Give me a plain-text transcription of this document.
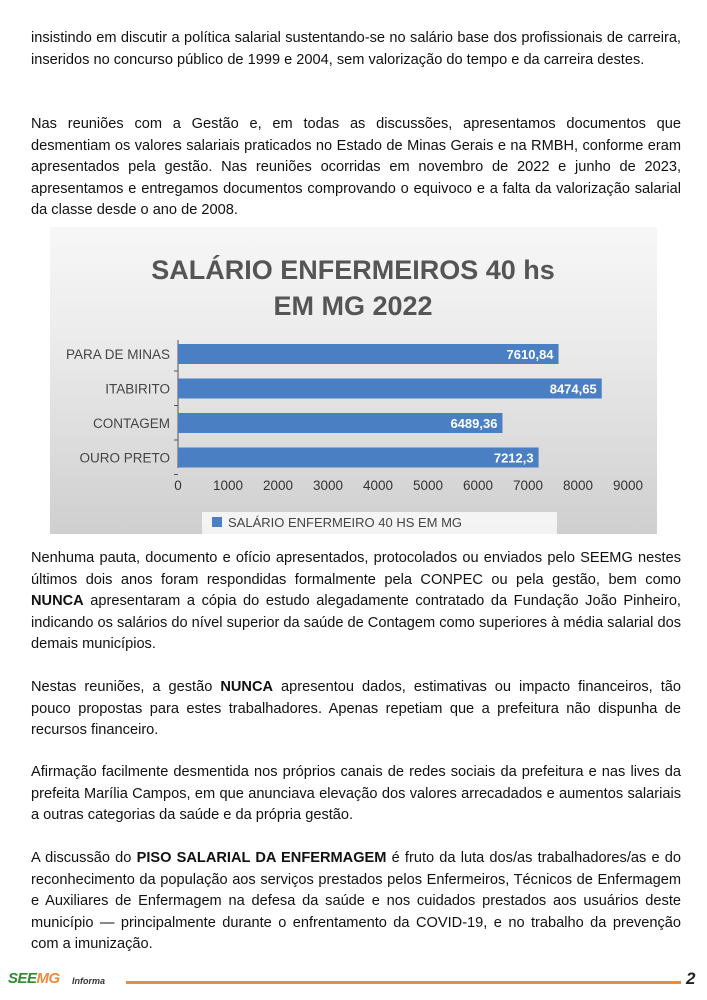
insistindo em discutir a política salarial sustentando-se no salário base dos profissionais de carreira, inseridos no concurso público de 1999 e 2004, sem valorização do tempo e da carreira destes.

Nas reuniões com a Gestão e, em todas as discussões, apresentamos documentos que desmentiam os valores salariais praticados no Estado de Minas Gerais e na RMBH, conforme eram apresentados pela gestão. Nas reuniões ocorridas em novembro de 2022 e junho de 2023, apresentamos e entregamos documentos comprovando o equivoco e a falta da valorização salarial da classe desde o ano de 2008.

SALÁRIO ENFERMEIROS 40 hs
EM MG 2022
7610,84
PARA DE MINAS
8474,65
ITABIRITO
6489,36
CONTAGEM
7212,3
OURO PRETO
0 1000 2000 3000 4000 5000 6000 7000 8000 9000
SALÁRIO ENFERMEIRO 40 HS EM MG

Nenhuma pauta, documento e ofício apresentados, protocolados ou enviados pelo SEEMG nestes últimos dois anos foram respondidas formalmente pela CONPEC ou pela gestão, bem como NUNCA apresentaram a cópia do estudo alegadamente contratado da Fundação João Pinheiro, indicando os salários do nível superior da saúde de Contagem como superiores à média salarial dos demais municípios.

Nestas reuniões, a gestão NUNCA apresentou dados, estimativas ou impacto financeiros, tão pouco propostas para estes trabalhadores. Apenas repetiam que a prefeitura não dispunha de recursos financeiro.

Afirmação facilmente desmentida nos próprios canais de redes sociais da prefeitura e nas lives da prefeita Marília Campos, em que anunciava elevação dos valores arrecadados e aumentos salariais a outras categorias da saúde e da própria gestão.

A discussão do PISO SALARIAL DA ENFERMAGEM é fruto da luta dos/as trabalhadores/as e do reconhecimento da população aos serviços prestados pelos Enfermeiros, Técnicos de Enfermagem e Auxiliares de Enfermagem na defesa da saúde e nos cuidados prestados aos usuários deste município — principalmente durante o enfrentamento da COVID-19, e no trabalho da prevenção com a imunização.

SEEMG Informa	2
